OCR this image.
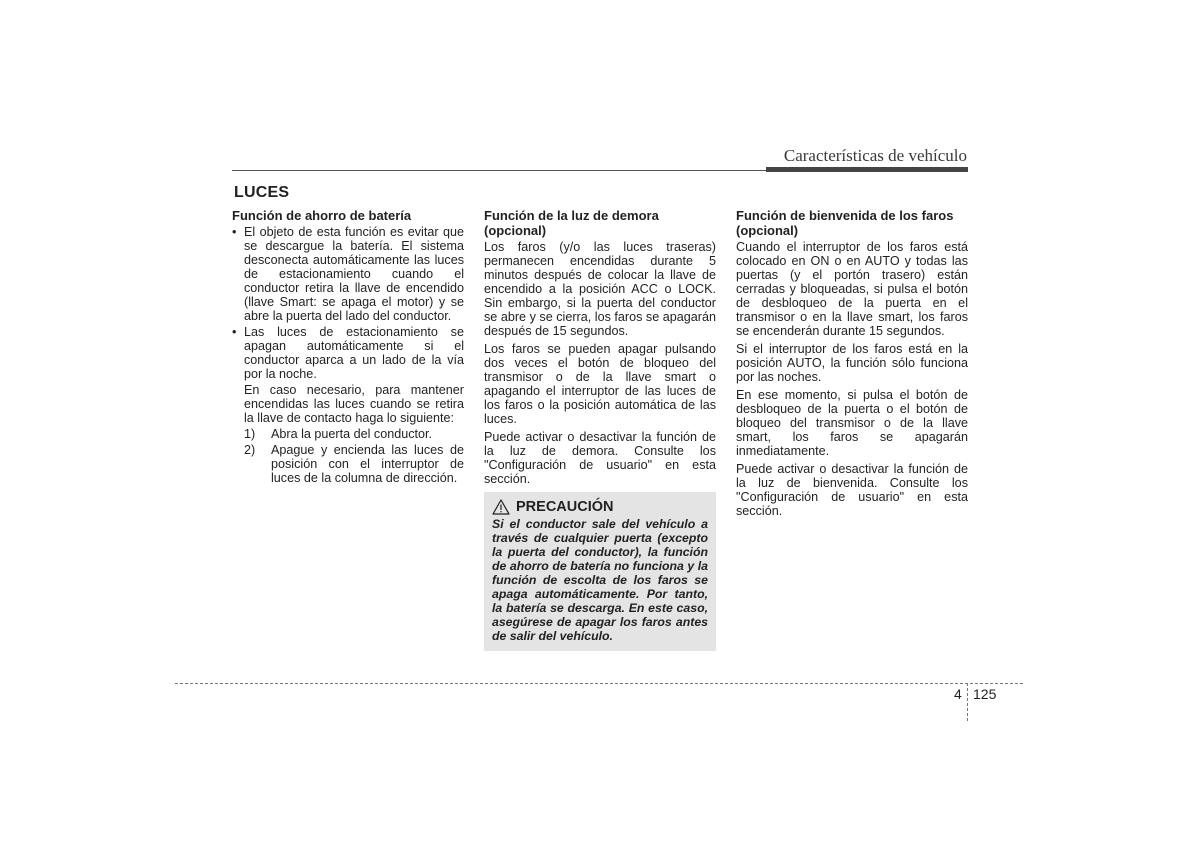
Características de vehículo
LUCES
Función de ahorro de batería
• El objeto de esta función es evitar que se descargue la batería. El sistema desconecta automáticamente las luces de estacionamiento cuando el conductor retira la llave de encendido (llave Smart: se apaga el motor) y se abre la puerta del lado del conductor.
• Las luces de estacionamiento se apagan automáticamente si el conductor aparca a un lado de la vía por la noche.
En caso necesario, para mantener encendidas las luces cuando se retira la llave de contacto haga lo siguiente:
1) Abra la puerta del conductor.
2) Apague y encienda las luces de posición con el interruptor de luces de la columna de dirección.
Función de la luz de demora (opcional)

Los faros (y/o las luces traseras) permanecen encendidas durante 5 minutos después de colocar la llave de encendido a la posición ACC o LOCK. Sin embargo, si la puerta del conductor se abre y se cierra, los faros se apagarán después de 15 segundos.

Los faros se pueden apagar pulsando dos veces el botón de bloqueo del transmisor o de la llave smart o apagando el interruptor de las luces de los faros o la posición automática de las luces.

Puede activar o desactivar la función de la luz de demora. Consulte los "Configuración de usuario" en esta sección.

PRECAUCIÓN
Si el conductor sale del vehículo a través de cualquier puerta (excepto la puerta del conductor), la función de ahorro de batería no funciona y la función de escolta de los faros se apaga automáticamente. Por tanto, la batería se descarga. En este caso, asegúrese de apagar los faros antes de salir del vehículo.
Función de bienvenida de los faros (opcional)

Cuando el interruptor de los faros está colocado en ON o en AUTO y todas las puertas (y el portón trasero) están cerradas y bloqueadas, si pulsa el botón de desbloqueo de la puerta en el transmisor o en la llave smart, los faros se encenderán durante 15 segundos.

Si el interruptor de los faros está en la posición AUTO, la función sólo funciona por las noches.

En ese momento, si pulsa el botón de desbloqueo de la puerta o el botón de bloqueo del transmisor o de la llave smart, los faros se apagarán inmediatamente.

Puede activar o desactivar la función de la luz de bienvenida. Consulte los "Configuración de usuario" en esta sección.

4 125
